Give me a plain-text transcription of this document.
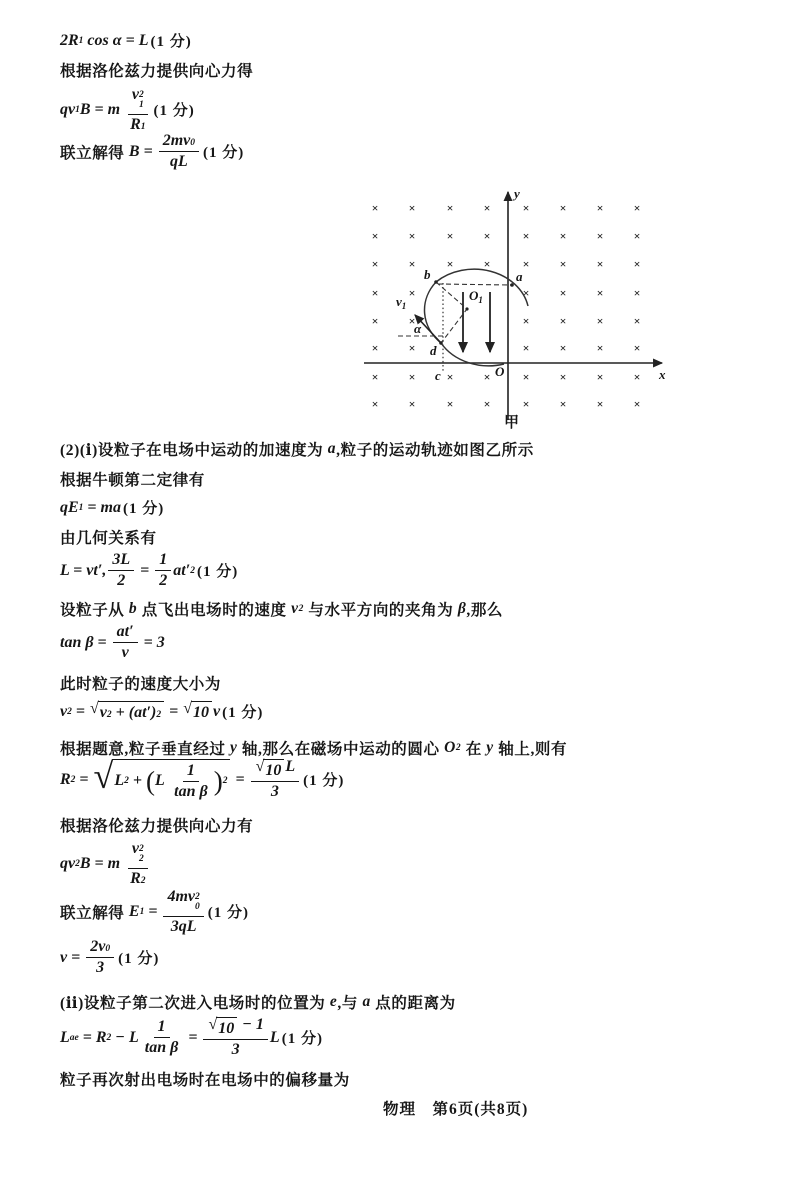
2R 1 cos α = L (1 分)
根据洛伦兹力提供向心力得
qv 1 B = m
v 2
1
R 1
(1 分)
联立解得 $B = \frac{2mv 0}{qL} (1$ 分)
×	×	×	×	×	×	×	×
×	×	×	×	×	×	×	×
×	×	×	×	×	×	×	×
×	×	×	×	×	×
×	×	×	×	×	×
×	×	×	×	×	×
×	×	×	×	×	×	×	×
×	×	×	×	×	×	×	×
x
y
O
b	a
d
c
α
$O_1$
$v_1$
甲
(2)(ⅰ)设粒子在电场中运动的加速度为 a ,粒子的运动轨迹如图乙所示
根据牛顿第二定律有
qE 1 = ma (1 分)
由几何关系有
L = vt′, $\frac{3L}{2} = \frac{1}{2} at'$ 2 (1 分)
设粒子从 b 点飞出电场时的速度 v 2 与水平方向的夹角为 β ,那么
$\tan \beta = \frac{at'}{v} = 3$
此时粒子的速度大小为
v 2 = √ v 2 + (at′) 2 = √ 10 v (1 分)
根据题意,粒子垂直经过 y 轴,那么在磁场中运动的圆心 O 2 在 y 轴上,则有
R 2 = √ L 2 + ( L
1
tan β ) $2 = \frac{√ 10 L}{3} (1$ 分)
根据洛伦兹力提供向心力有
qv 2 B = m
v 2
2
R 2
联立解得 E 1 = 4mv 2
0
3qL (1 分)
$v = \frac{2v 0}{3} (1$ 分)
(ⅱ)设粒子第二次进入电场时的位置为 e ,与 a 点的距离为
L ae = R 2 − L $\frac{1}{\text{tan β}} = \frac{√ 10 - 1}{3}$ L (1 分)
粒子再次射出电场时在电场中的偏移量为
物理　第6页(共8页)
